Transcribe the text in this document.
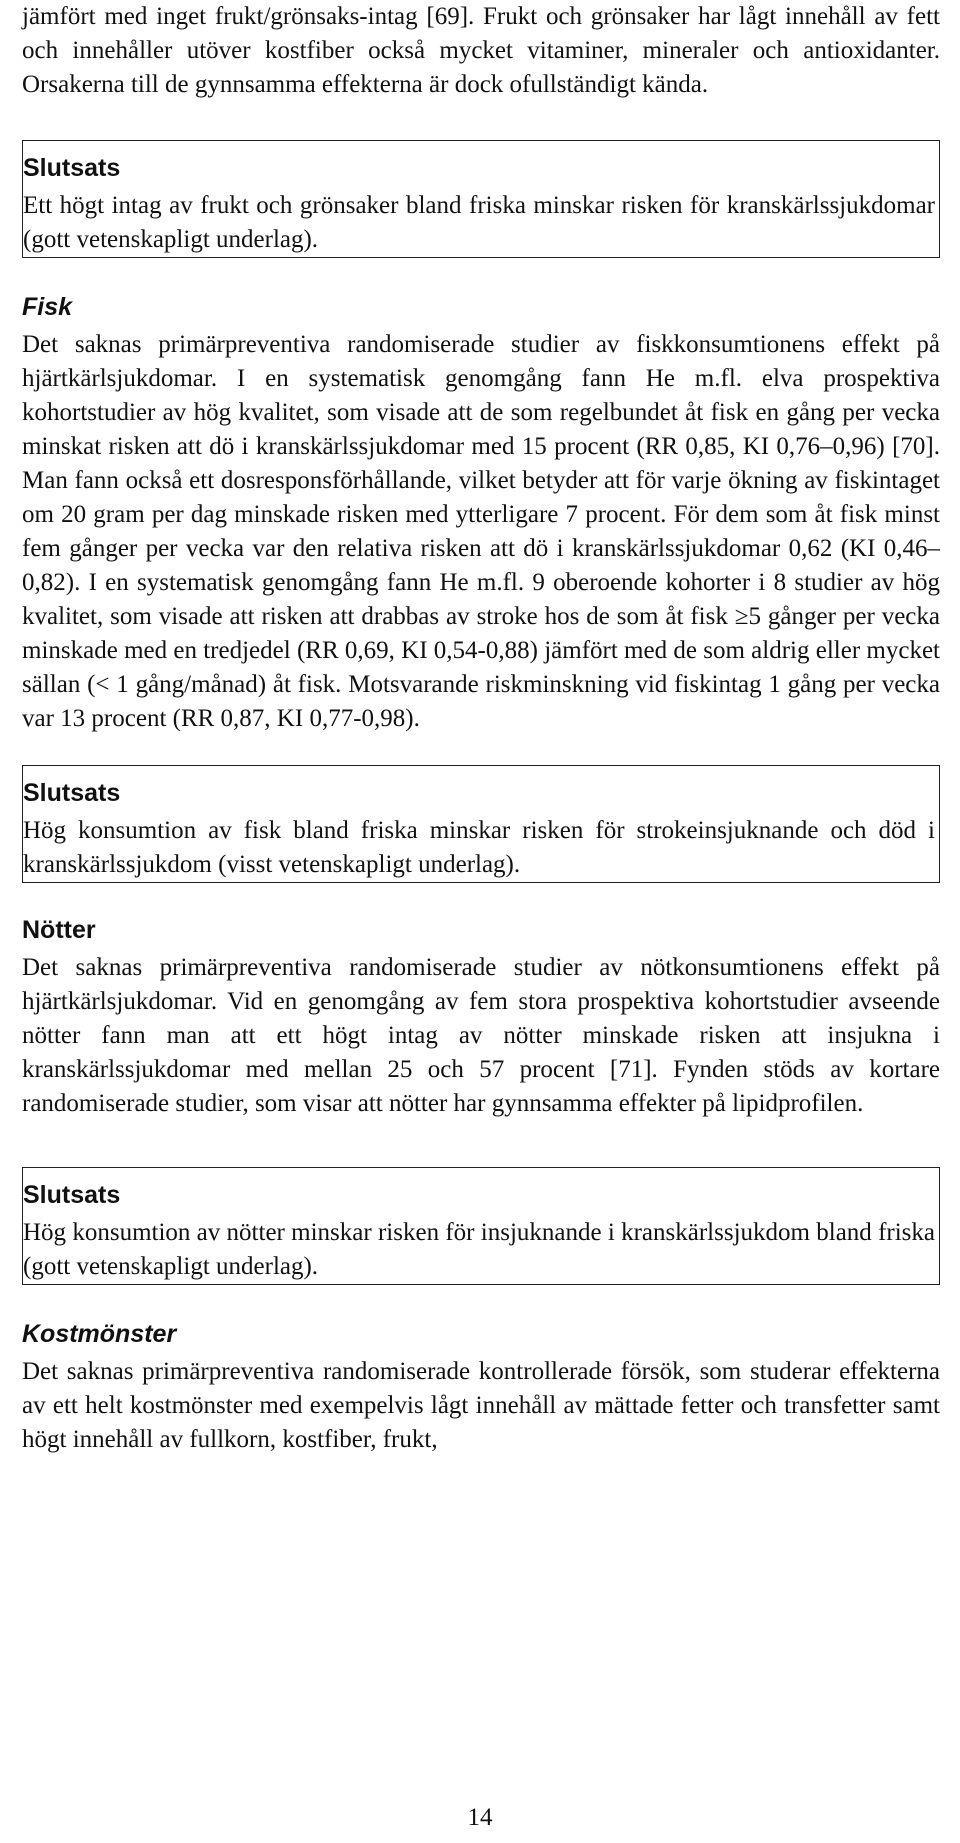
jämfört med inget frukt/grönsaks-intag [69]. Frukt och grönsaker har lågt innehåll av fett och innehåller utöver kostfiber också mycket vitaminer, mineraler och antioxidanter. Orsakerna till de gynnsamma effekterna är dock ofullständigt kända.

Slutsats

Ett högt intag av frukt och grönsaker bland friska minskar risken för kranskärlssjukdomar (gott vetenskapligt underlag).

Fisk

Det saknas primärpreventiva randomiserade studier av fiskkonsumtionens effekt på hjärtkärlsjukdomar. I en systematisk genomgång fann He m.fl. elva prospektiva kohortstudier av hög kvalitet, som visade att de som regelbundet åt fisk en gång per vecka minskat risken att dö i kranskärlssjukdomar med 15 procent (RR 0,85, KI 0,76–0,96) [70]. Man fann också ett dosresponsförhållande, vilket betyder att för varje ökning av fiskintaget om 20 gram per dag minskade risken med ytterligare 7 procent. För dem som åt fisk minst fem gånger per vecka var den relativa risken att dö i kranskärlssjukdomar 0,62 (KI 0,46–0,82). I en systematisk genomgång fann He m.fl. 9 oberoende kohorter i 8 studier av hög kvalitet, som visade att risken att drabbas av stroke hos de som åt fisk ≥5 gånger per vecka minskade med en tredjedel (RR 0,69, KI 0,54-0,88) jämfört med de som aldrig eller mycket sällan (< 1 gång/månad) åt fisk. Motsvarande riskminskning vid fiskintag 1 gång per vecka var 13 procent (RR 0,87, KI 0,77-0,98).

Slutsats

Hög konsumtion av fisk bland friska minskar risken för strokeinsjuknande och död i kranskärlssjukdom (visst vetenskapligt underlag).

Nötter

Det saknas primärpreventiva randomiserade studier av nötkonsumtionens effekt på hjärtkärlsjukdomar. Vid en genomgång av fem stora prospektiva kohortstudier avseende nötter fann man att ett högt intag av nötter minskade risken att insjukna i kranskärlssjukdomar med mellan 25 och 57 procent [71]. Fynden stöds av kortare randomiserade studier, som visar att nötter har gynnsamma effekter på lipidprofilen.

Slutsats

Hög konsumtion av nötter minskar risken för insjuknande i kranskärlssjukdom bland friska (gott vetenskapligt underlag).

Kostmönster

Det saknas primärpreventiva randomiserade kontrollerade försök, som studerar effekterna av ett helt kostmönster med exempelvis lågt innehåll av mättade fetter och transfetter samt högt innehåll av fullkorn, kostfiber, frukt,

14
